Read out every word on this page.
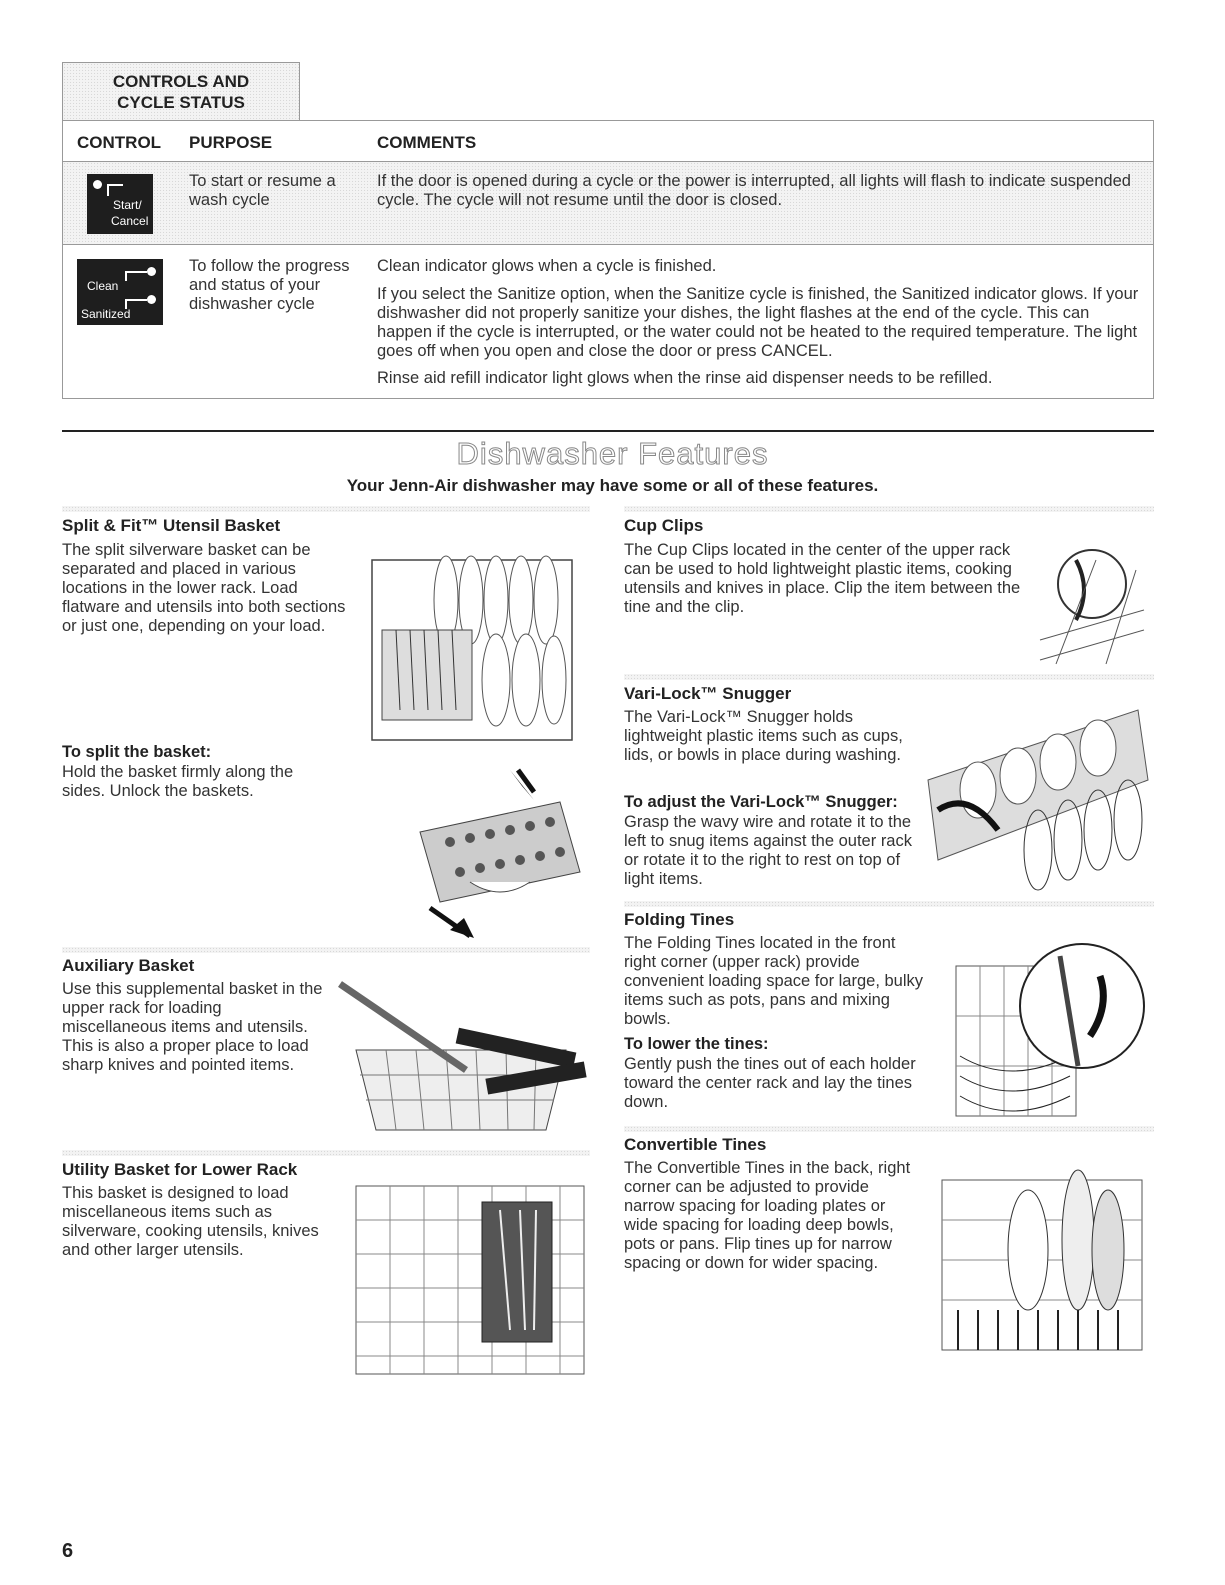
CONTROLS AND
CYCLE STATUS
CONTROL PURPOSE	COMMENTS
Start/
Cancel
To start or resume a wash cycle
If the door is opened during a cycle or the power is interrupted, all lights will flash to indicate suspended cycle. The cycle will not resume until the door is closed.
Clean
Sanitized
To follow the progress and status of your dishwasher cycle
Clean indicator glows when a cycle is finished.
If you select the Sanitize option, when the Sanitize cycle is finished, the Sanitized indicator glows. If your dishwasher did not properly sanitize your dishes, the light flashes at the end of the cycle. This can happen if the cycle is interrupted, or the water could not be heated to the required temperature. The light goes off when you open and close the door or press CANCEL.
Rinse aid refill indicator light glows when the rinse aid dispenser needs to be refilled.
Dishwasher Features
Your Jenn-Air dishwasher may have some or all of these features.
Split & Fit™ Utensil Basket
The split silverware basket can be separated and placed in various locations in the lower rack. Load flatware and utensils into both sections or just one, depending on your load.
To split the basket:
Hold the basket firmly along the sides. Unlock the baskets.
Auxiliary Basket
Use this supplemental basket in the upper rack for loading miscellaneous items and utensils. This is also a proper place to load sharp knives and pointed items.
Utility Basket for Lower Rack
This basket is designed to load miscellaneous items such as silverware, cooking utensils, knives and other larger utensils.
Cup Clips
The Cup Clips located in the center of the upper rack can be used to hold lightweight plastic items, cooking utensils and knives in place. Clip the item between the tine and the clip.
Vari-Lock™ Snugger
The Vari-Lock™ Snugger holds lightweight plastic items such as cups, lids, or bowls in place during washing.
To adjust the Vari-Lock™ Snugger:
Grasp the wavy wire and rotate it to the left to snug items against the outer rack or rotate it to the right to rest on top of light items.
Folding Tines
The Folding Tines located in the front right corner (upper rack) provide convenient loading space for large, bulky items such as pots, pans and mixing bowls.
To lower the tines:
Gently push the tines out of each holder toward the center rack and lay the tines down.
Convertible Tines
The Convertible Tines in the back, right corner can be adjusted to provide narrow spacing for loading plates or wide spacing for loading deep bowls, pots or pans. Flip tines up for narrow spacing or down for wider spacing.
6
